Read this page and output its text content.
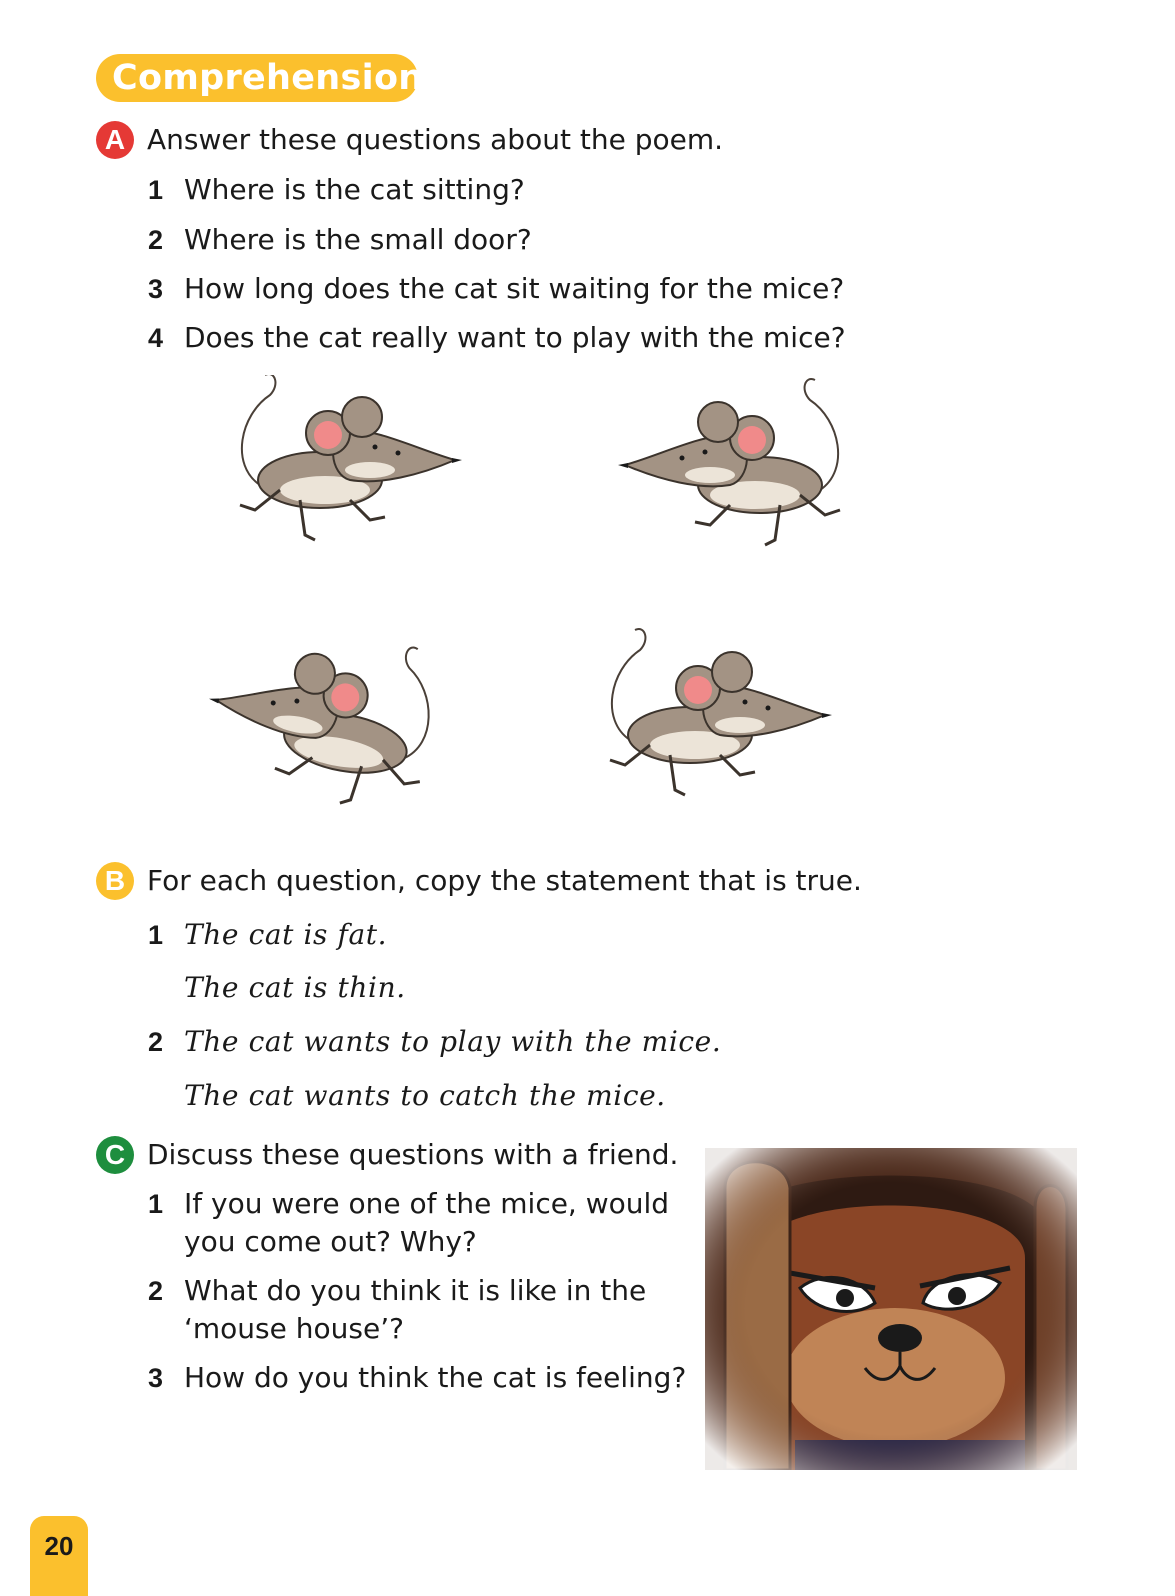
Comprehension
A Answer these questions about the poem.
1 Where is the cat sitting?
2 Where is the small door?
3 How long does the cat sit waiting for the mice?
4 Does the cat really want to play with the mice?
B For each question, copy the statement that is true.
1 The cat is fat.
The cat is thin.
2 The cat wants to play with the mice.
The cat wants to catch the mice.
C Discuss these questions with a friend.
1 If you were one of the mice, would you come out? Why?
2 What do you think it is like in the ‘mouse house’?
3 How do you think the cat is feeling?
20
